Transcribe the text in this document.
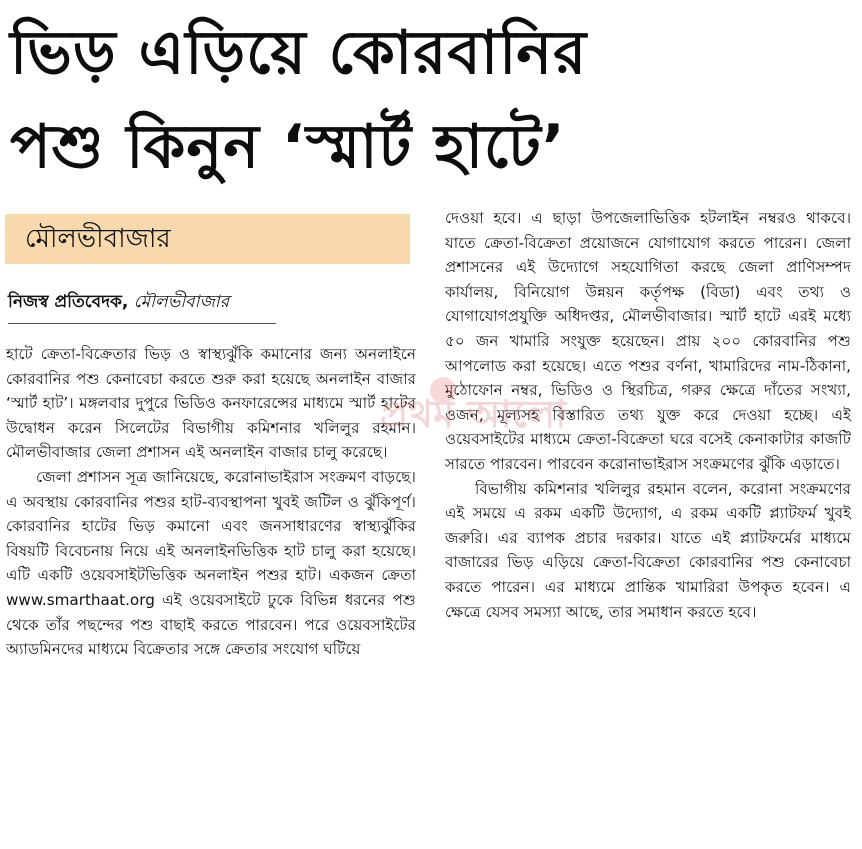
ভিড় এড়িয়ে কোরবানির
পশু কিনুন ‘স্মার্ট হাটে’
মৌলভীবাজার
নিজস্ব প্রতিবেদক, মৌলভীবাজার

হাটে ক্রেতা-বিক্রেতার ভিড় ও স্বাস্থ্যঝুঁকি কমানোর জন্য অনলাইনে কোরবানির পশু কেনাবেচা করতে শুরু করা হয়েছে অনলাইন বাজার ‘স্মার্ট হাট’। মঙ্গলবার দুপুরে ভিডিও কনফারেন্সের মাধ্যমে স্মার্ট হাটের উদ্বোধন করেন সিলেটের বিভাগীয় কমিশনার খলিলুর রহমান। মৌলভীবাজার জেলা প্রশাসন এই অনলাইন বাজার চালু করেছে।

জেলা প্রশাসন সূত্র জানিয়েছে, করোনাভাইরাস সংক্রমণ বাড়ছে। এ অবস্থায় কোরবানির পশুর হাট-ব্যবস্থাপনা খুবই জটিল ও ঝুঁকিপূর্ণ। কোরবানির হাটের ভিড় কমানো এবং জনসাধারণের স্বাস্থ্যঝুঁকির বিষয়টি বিবেচনায় নিয়ে এই অনলাইনভিত্তিক হাট চালু করা হয়েছে। এটি একটি ওয়েবসাইটভিত্তিক অনলাইন পশুর হাট। একজন ক্রেতা www.smarthaat.org এই ওয়েবসাইটে ঢুকে বিভিন্ন ধরনের পশু থেকে তাঁর পছন্দের পশু বাছাই করতে পারবেন। পরে ওয়েবসাইটের অ্যাডমিনদের মাধ্যমে বিক্রেতার সঙ্গে ক্রেতার সংযোগ ঘটিয়ে

দেওয়া হবে। এ ছাড়া উপজেলাভিত্তিক হটলাইন নম্বরও থাকবে। যাতে ক্রেতা-বিক্রেতা প্রয়োজনে যোগাযোগ করতে পারেন। জেলা প্রশাসনের এই উদ্যোগে সহযোগিতা করছে জেলা প্রাণিসম্পদ কার্যালয়, বিনিয়োগ উন্নয়ন কর্তৃপক্ষ (বিডা) এবং তথ্য ও যোগাযোগপ্রযুক্তি অধিদপ্তর, মৌলভীবাজার। স্মার্ট হাটে এরই মধ্যে ৫০ জন খামারি সংযুক্ত হয়েছেন। প্রায় ২০০ কোরবানির পশু আপলোড করা হয়েছে। এতে পশুর বর্ণনা, খামারিদের নাম-ঠিকানা, মুঠোফোন নম্বর, ভিডিও ও স্থিরচিত্র, গরুর ক্ষেত্রে দাঁতের সংখ্যা, ওজন, মূল্যসহ বিস্তারিত তথ্য যুক্ত করে দেওয়া হচ্ছে। এই ওয়েবসাইটের মাধ্যমে ক্রেতা-বিক্রেতা ঘরে বসেই কেনাকাটার কাজটি সারতে পারবেন। পারবেন করোনাভাইরাস সংক্রমণের ঝুঁকি এড়াতে।

বিভাগীয় কমিশনার খলিলুর রহমান বলেন, করোনা সংক্রমণের এই সময়ে এ রকম একটি উদ্যোগ, এ রকম একটি প্ল্যাটফর্ম খুবই জরুরি। এর ব্যাপক প্রচার দরকার। যাতে এই প্ল্যাটফর্মের মাধ্যমে বাজারের ভিড় এড়িয়ে ক্রেতা-বিক্রেতা কোরবানির পশু কেনাবেচা করতে পারেন। এর মাধ্যমে প্রান্তিক খামারিরা উপকৃত হবেন। এ ক্ষেত্রে যেসব সমস্যা আছে, তার সমাধান করতে হবে।

প্রথম আলো
